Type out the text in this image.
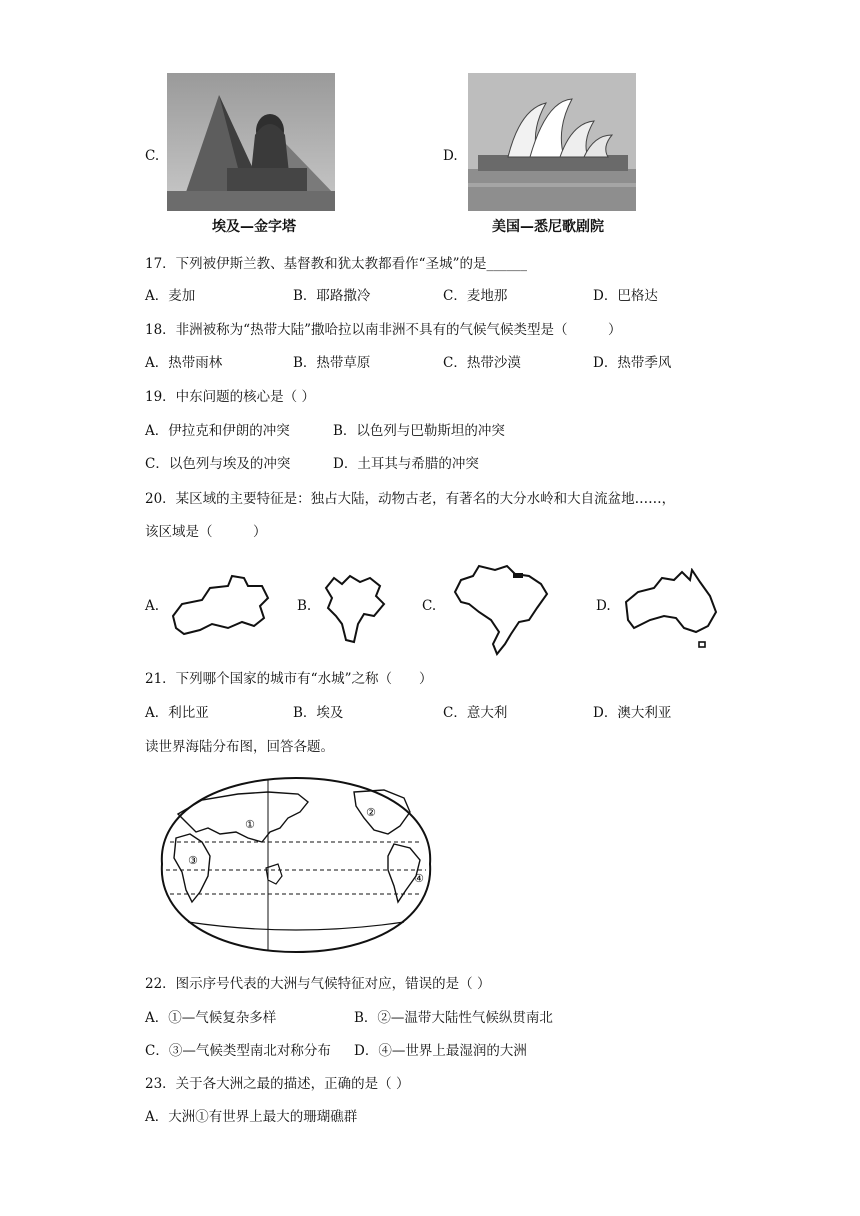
C.
埃及—金字塔
D.
美国—悉尼歌剧院
17．下列被伊斯兰教、基督教和犹太教都看作“圣城”的是______
A．麦加	B．耶路撒冷	C．麦地那	D．巴格达
18．非洲被称为“热带大陆”撒哈拉以南非洲不具有的气候气候类型是（　　　）
A．热带雨林	B．热带草原	C．热带沙漠	D．热带季风
19．中东问题的核心是（ ）
A．伊拉克和伊朗的冲突	B．以色列与巴勒斯坦的冲突
C．以色列与埃及的冲突	D．土耳其与希腊的冲突
20．某区域的主要特征是：独占大陆，动物古老，有著名的大分水岭和大自流盆地……，
该区域是（　　　）
A.	B.	C.	D.
21．下列哪个国家的城市有“水城”之称（　　）
A．利比亚	B．埃及	C．意大利	D．澳大利亚
读世界海陆分布图，回答各题。
①
②
③
④
22．图示序号代表的大洲与气候特征对应，错误的是（ ）
A．①—气候复杂多样	B．②—温带大陆性气候纵贯南北
C．③—气候类型南北对称分布 D．④—世界上最湿润的大洲
23．关于各大洲之最的描述，正确的是（ ）
A．大洲①有世界上最大的珊瑚礁群
